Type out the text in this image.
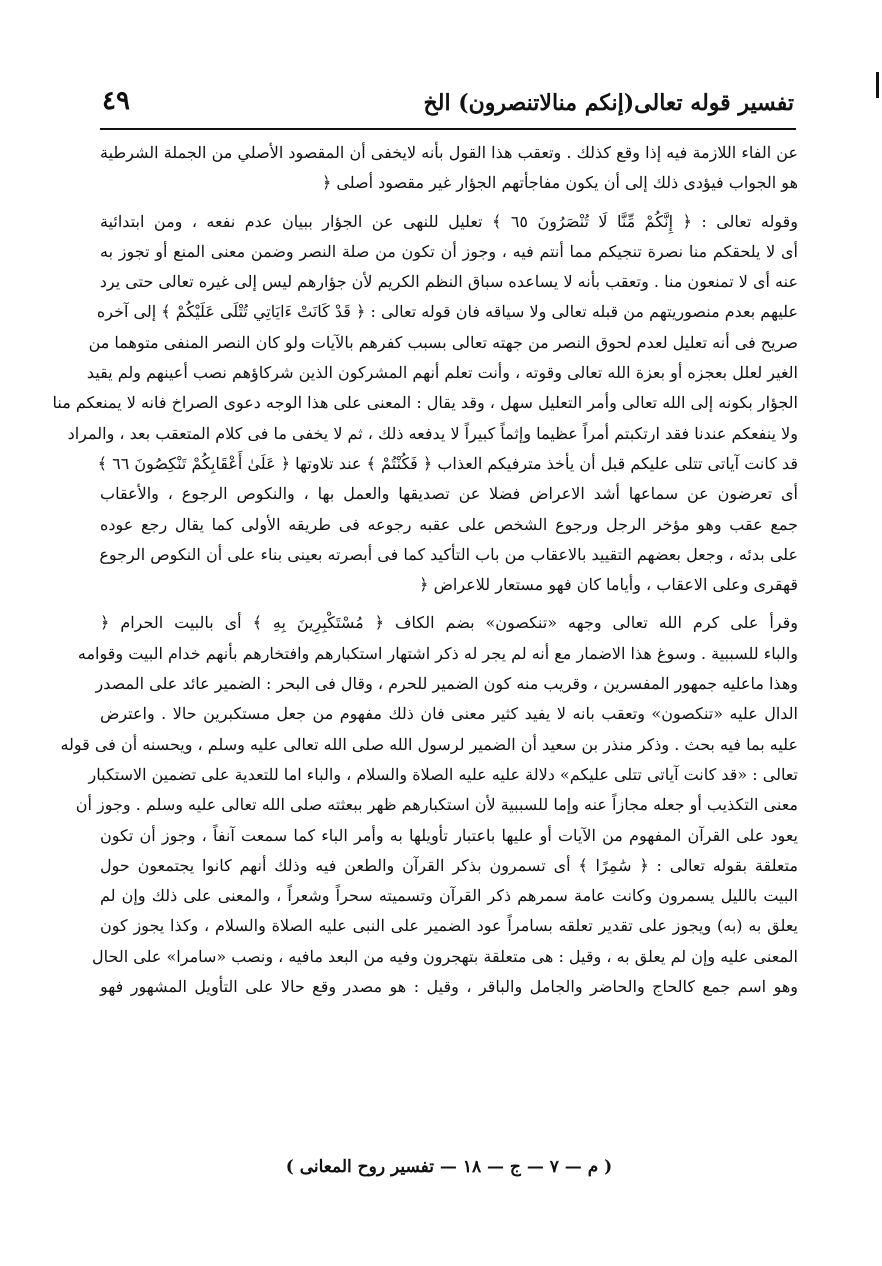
تفسير قوله تعالى(إنكم منالاتنصرون) الخ
٤٩
عن الفاء اللازمة فيه إذا وقع كذلك . وتعقب هذا القول بأنه لايخفى أن المقصود الأصلي من الجملة الشرطية
هو الجواب فيؤدى ذلك إلى أن يكون مفاجأتهم الجؤار غير مقصود أصلى ﴿
وقوله تعالى : ﴿ إِنَّكُمْ مِّنَّا لَا تُنْصَرُونَ ٦٥ ﴾ تعليل للنهى عن الجؤار ببيان عدم نفعه ، ومن ابتدائية
أى لا يلحقكم منا نصرة تنجيكم مما أنتم فيه ، وجوز أن تكون من صلة النصر وضمن معنى المنع أو تجوز به
عنه أى لا تمنعون منا . وتعقب بأنه لا يساعده سباق النظم الكريم لأن جؤارهم ليس إلى غيره تعالى حتى يرد
عليهم بعدم منصوريتهم من قبله تعالى ولا سياقه فان قوله تعالى : ﴿ قَدْ كَانَتْ ءَايَاتِي تُتْلَى عَلَيْكُمْ ﴾ إلى آخره
صريح فى أنه تعليل لعدم لحوق النصر من جهته تعالى بسبب كفرهم بالآيات ولو كان النصر المنفى متوهما من
الغير لعلل بعجزه أو بعزة الله تعالى وقوته ، وأنت تعلم أنهم المشركون الذين شركاؤهم نصب أعينهم ولم يقيد
الجؤار بكونه إلى الله تعالى وأمر التعليل سهل ، وقد يقال : المعنى على هذا الوجه دعوى الصراخ فانه لا يمنعكم منا
ولا ينفعكم عندنا فقد ارتكبتم أمراً عظيما وإثماً كبيراً لا يدفعه ذلك ، ثم لا يخفى ما فى كلام المتعقب بعد ، والمراد
قد كانت آياتى تتلى عليكم قبل أن يأخذ مترفيكم العذاب ﴿ فَكُنْتُمْ ﴾ عند تلاوتها ﴿ عَلَىٰ أَعْقَابِكُمْ تَنْكِصُونَ ٦٦ ﴾
أى تعرضون عن سماعها أشد الاعراض فضلا عن تصديقها والعمل بها ، والنكوص الرجوع ، والأعقاب
جمع عقب وهو مؤخر الرجل ورجوع الشخص على عقبه رجوعه فى طريقه الأولى كما يقال رجع عوده
على بدئه ، وجعل بعضهم التقييد بالاعقاب من باب التأكيد كما فى أبصرته بعينى بناء على أن النكوص الرجوع
قهقرى وعلى الاعقاب ، وأياما كان فهو مستعار للاعراض ﴿
وقرأ على كرم الله تعالى وجهه «تنكصون» بضم الكاف ﴿ مُسْتَكْبِرِينَ بِهِ ﴾ أى بالبيت الحرام ﴿
والباء للسببية . وسوغ هذا الاضمار مع أنه لم يجر له ذكر اشتهار استكبارهم وافتخارهم بأنهم خدام البيت وقوامه
وهذا ماعليه جمهور المفسرين ، وقريب منه كون الضمير للحرم ، وقال فى البحر : الضمير عائد على المصدر
الدال عليه «تنكصون» وتعقب بانه لا يفيد كثير معنى فان ذلك مفهوم من جعل مستكبرين حالا . واعترض
عليه بما فيه بحث . وذكر منذر بن سعيد أن الضمير لرسول الله صلى الله تعالى عليه وسلم ، ويحسنه أن فى قوله
تعالى : «قد كانت آياتى تتلى عليكم» دلالة عليه عليه الصلاة والسلام ، والباء اما للتعدية على تضمين الاستكبار
معنى التكذيب أو جعله مجازاً عنه وإما للسببية لأن استكبارهم ظهر ببعثته صلى الله تعالى عليه وسلم . وجوز أن
يعود على القرآن المفهوم من الآيات أو عليها باعتبار تأويلها به وأمر الباء كما سمعت آنفاً ، وجوز أن تكون
متعلقة بقوله تعالى : ﴿ سَٰمِرًا ﴾ أى تسمرون بذكر القرآن والطعن فيه وذلك أنهم كانوا يجتمعون حول
البيت بالليل يسمرون وكانت عامة سمرهم ذكر القرآن وتسميته سحراً وشعراً ، والمعنى على ذلك وإن لم
يعلق به (به) ويجوز على تقدير تعلقه بسامراً عود الضمير على النبى عليه الصلاة والسلام ، وكذا يجوز كون
المعنى عليه وإن لم يعلق به ، وقيل : هى متعلقة بتهجرون وفيه من البعد مافيه ، ونصب «سامرا» على الحال
وهو اسم جمع كالحاج والحاضر والجامل والباقر ، وقيل : هو مصدر وقع حالا على التأويل المشهور فهو
( م — ٧ — ج — ١٨ — تفسير روح المعانى )
